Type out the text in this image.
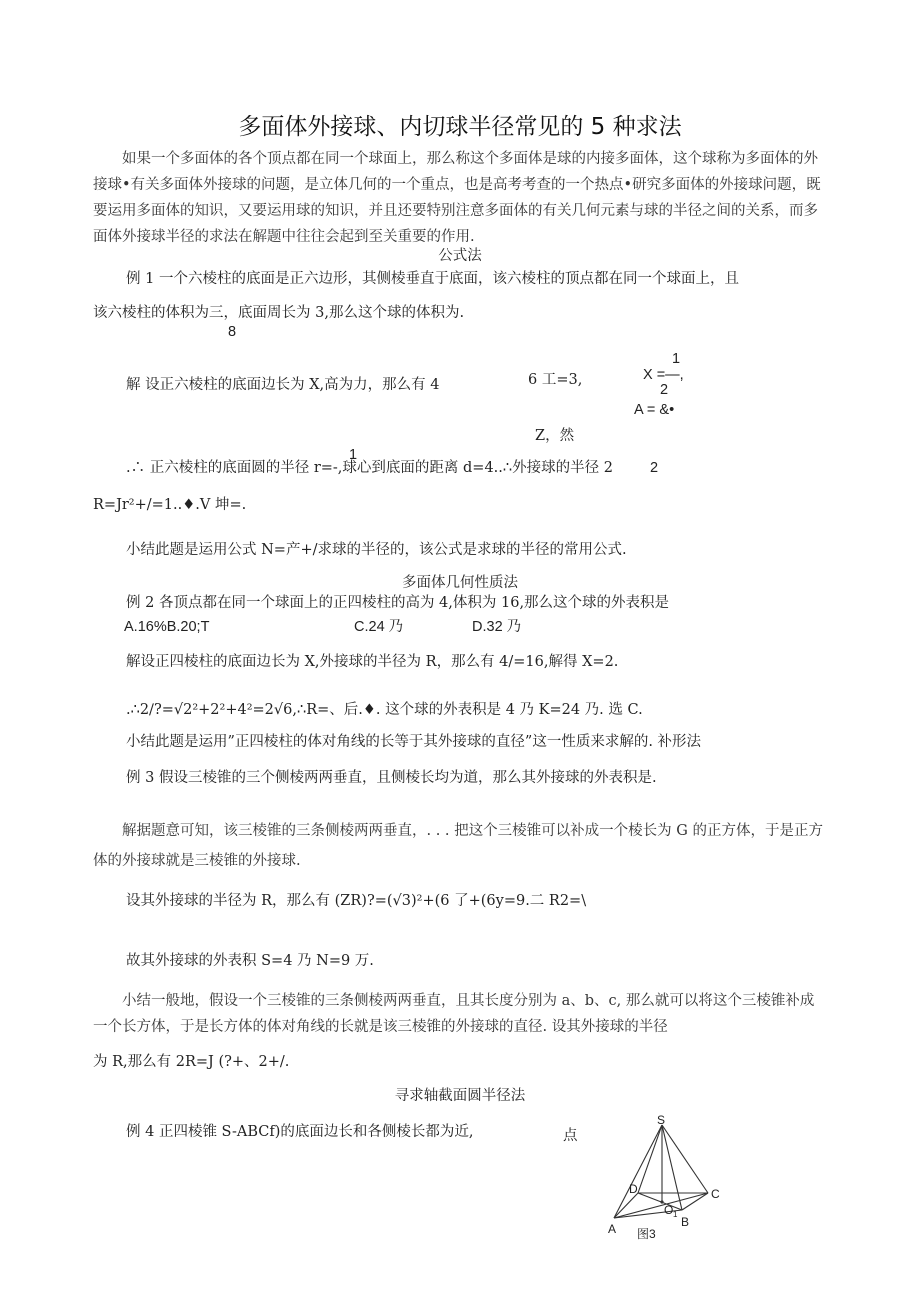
多面体外接球、内切球半径常见的 5 种求法
如果一个多面体的各个顶点都在同一个球面上，那么称这个多面体是球的内接多面体，这个球称为多面体的外接球•有关多面体外接球的问题，是立体几何的一个重点，也是高考考查的一个热点•研究多面体的外接球问题，既要运用多面体的知识，又要运用球的知识，并且还要特别注意多面体的有关几何元素与球的半径之间的关系，而多面体外接球半径的求法在解题中往往会起到至关重要的作用.
公式法
例 1 一个六棱柱的底面是正六边形，其侧棱垂直于底面，该六棱柱的顶点都在同一个球面上，且
该六棱柱的体积为三，底面周长为 3,那么这个球的体积为.
8
解 设正六棱柱的底面边长为 X,高为力，那么有 4	6 工=3,
1
X =—,
2
A = &•
Z，然
1
.∴ 正六棱柱的底面圆的半径 r=-,球心到底面的距离 d=4..∴外接球的半径 2	2
R=Jr²+/=1..♦.V 坤=.
小结此题是运用公式 N=产+/求球的半径的，该公式是求球的半径的常用公式.
多面体几何性质法
例 2 各顶点都在同一个球面上的正四棱柱的高为 4,体积为 16,那么这个球的外表积是
A.16%B.20;T	C.24 乃	D.32 乃
解设正四棱柱的底面边长为 X,外接球的半径为 R，那么有 4/=16,解得 X=2.
.∴2∕?=√2²+2²+4²=2√6,∴R=、后.♦. 这个球的外表积是 4 乃 K=24 乃. 选 C.
小结此题是运用”正四棱柱的体对角线的长等于其外接球的直径”这一性质来求解的. 补形法
例 3 假设三棱锥的三个侧棱两两垂直，且侧棱长均为道，那么其外接球的外表积是.
解据题意可知，该三棱锥的三条侧棱两两垂直，. . . 把这个三棱锥可以补成一个棱长为 G 的正方体，于是正方体的外接球就是三棱锥的外接球.
设其外接球的半径为 R，那么有 (ZR)?=(√3)²+(6 了+(6y=9.二 R2=\
故其外接球的外表积 S=4 乃 N=9 万.
小结一般地，假设一个三棱锥的三条侧棱两两垂直，且其长度分别为 a、b、c, 那么就可以将这个三棱锥补成一个长方体，于是长方体的体对角线的长就是该三棱锥的外接球的直径. 设其外接球的半径
为 R,那么有 2R=J (?+、2+/.
寻求轴截面圆半径法
例 4 正四棱锥 S-ABCf)的底面边长和各侧棱长都为近,	点
S
D	C
O 1
A	B
图3
